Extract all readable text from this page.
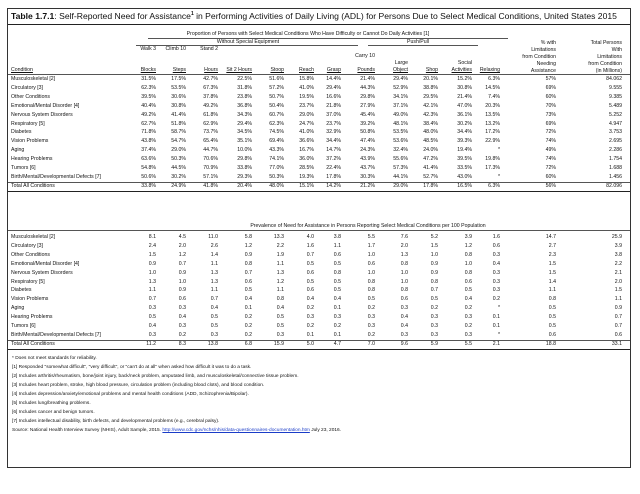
Table 1.7.1: Self-Reported Need for Assistance$^1$ in Performing Activities of Daily Living (ADL) for Persons Due to Select Medical Conditions, United States 2015
Proportion of Persons with Select Medical Conditions Who Have Difficulty or Cannot Do Daily Activities [1]
Without Special Equipment	Push/Pull
Walk 3	Climb 10	Stand 2
Carry 10
Large	Social
% with
Limitations
from Condition
Needing
Assistance
Total Persons
With
Limitations
from Condition
(in Millions)
Condition	Blocks	Steps	Hours	Sit 2 Hours	Stoop	Reach	Grasp	Pounds	Object	Shop	Activities	Relaxing
Musculoskeletal [2]	31.5%	17.5%	42.7%	22.5%	51.6%	15.8%	14.4%	21.4%	29.4%	20.1%	15.2%	6.3%	57%	84.062
Circulatory [3]	62.3%	53.5%	67.3%	31.8%	57.2%	41.0%	29.4%	44.3%	52.9%	38.8%	30.8%	14.5%	69%	9.555
Other Conditions	39.5%	30.6%	37.8%	23.8%	50.7%	19.5%	16.6%	29.8%	34.1%	29.5%	21.4%	7.4%	60%	9.385
Emotional/Mental Disorder [4]	40.4%	30.8%	49.2%	36.8%	50.4%	23.7%	21.8%	27.9%	37.1%	42.1%	47.0%	20.3%	70%	5.489
Nervous System Disorders	49.2%	41.4%	61.8%	34.3%	60.7%	29.0%	37.0%	45.4%	49.0%	42.3%	36.1%	13.5%	73%	5.252
Respiratory [5]	62.7%	51.8%	62.9%	29.4%	62.3%	24.7%	23.7%	39.2%	48.1%	38.4%	30.2%	13.2%	69%	4.947
Diabetes	71.8%	58.7%	73.7%	34.5%	74.5%	41.0%	32.9%	50.8%	53.5%	48.0%	34.4%	17.2%	72%	3.753
Vision Problems	43.8%	54.7%	65.4%	35.1%	69.4%	36.6%	34.4%	47.4%	53.6%	48.5%	39.3%	22.9%	74%	2.695
Aging	37.4%	29.0%	44.7%	10.0%	43.3%	16.7%	14.7%	24.3%	32.4%	24.0%	19.4%	*	49%	2.286
Hearing Problems	63.6%	50.3%	70.6%	29.8%	74.1%	36.0%	37.2%	43.9%	55.6%	47.2%	39.5%	19.8%	74%	1.754
Tumors [6]	54.8%	44.5%	70.9%	33.8%	77.0%	28.5%	22.4%	43.7%	57.3%	41.4%	33.5%	17.3%	72%	1.688
Birth/Mental/Developmental Defects [7]	50.6%	30.2%	57.1%	29.3%	50.3%	19.3%	17.8%	30.3%	44.1%	52.7%	43.0%	*	60%	1.456
Total All Conditions	33.8%	24.9%	41.8%	20.4%	48.0%	15.1%	14.2%	21.2%	29.0%	17.8%	16.5%	6.3%	56%	82.096
Prevalence of Need for Assistance in Persons Reporting Select Medical Conditions per 100 Population
Musculoskeletal [2]	8.1	4.5	11.0	5.8	13.3	4.0	3.8	5.5	7.6	5.2	3.9	1.6	14.7	25.9
Circulatory [3]	2.4	2.0	2.6	1.2	2.2	1.6	1.1	1.7	2.0	1.5	1.2	0.6	2.7	3.9
Other Conditions	1.5	1.2	1.4	0.9	1.9	0.7	0.6	1.0	1.3	1.0	0.8	0.3	2.3	3.8
Emotional/Mental Disorder [4]	0.9	0.7	1.1	0.8	1.1	0.5	0.5	0.6	0.8	0.9	1.0	0.4	1.5	2.2
Nervous System Disorders	1.0	0.9	1.3	0.7	1.3	0.6	0.8	1.0	1.0	0.9	0.8	0.3	1.5	2.1
Respiratory [5]	1.3	1.0	1.3	0.6	1.2	0.5	0.5	0.8	1.0	0.8	0.6	0.3	1.4	2.0
Diabetes	1.1	0.9	1.1	0.5	1.1	0.6	0.5	0.8	0.8	0.7	0.5	0.3	1.1	1.5
Vision Problems	0.7	0.6	0.7	0.4	0.8	0.4	0.4	0.5	0.6	0.5	0.4	0.2	0.8	1.1
Aging	0.3	0.3	0.4	0.1	0.4	0.2	0.1	0.2	0.3	0.2	0.2	*	0.5	0.9
Hearing Problems	0.5	0.4	0.5	0.2	0.5	0.3	0.3	0.3	0.4	0.3	0.3	0.1	0.5	0.7
Tumors [6]	0.4	0.3	0.5	0.2	0.5	0.2	0.2	0.3	0.4	0.3	0.2	0.1	0.5	0.7
Birth/Mental/Developmental Defects [7]	0.3	0.2	0.3	0.2	0.3	0.1	0.1	0.2	0.3	0.3	0.3	*	0.6	0.6
Total All Conditions	11.2	8.3	13.8	6.8	15.9	5.0	4.7	7.0	9.6	5.9	5.5	2.1	18.8	33.1
* Does not meet standards for reliability.
[1] Responded "somewhat difficult", "very difficult", or "can't do at all" when asked how difficult it was to do a task.
[2] Includes arthritis/rheumatism, bone/joint injury, back/neck problem, amputated limb, and musculoskeletal/connective tissue problem.
[3] Includes heart problem, stroke, high blood pressure, circulation problem (including blood clots), and blood condition.
[4] Includes depression/anxiety/emotional problems and mental health conditions (ADD, Schizophrenia/Bipolar).
[5] Includes lung/breathing problems.
[6] Includes cancer and benign tumors.
[7] Includes intellectual disability, birth defects, and developmental problems (e.g., cerebral palsy).
Source: National Health Interview Survey (NHIS), Adult Sample, 2015. http://www.cdc.gov/nchs/nhis/data-questionnaires-documentation.htm July 23, 2016.
